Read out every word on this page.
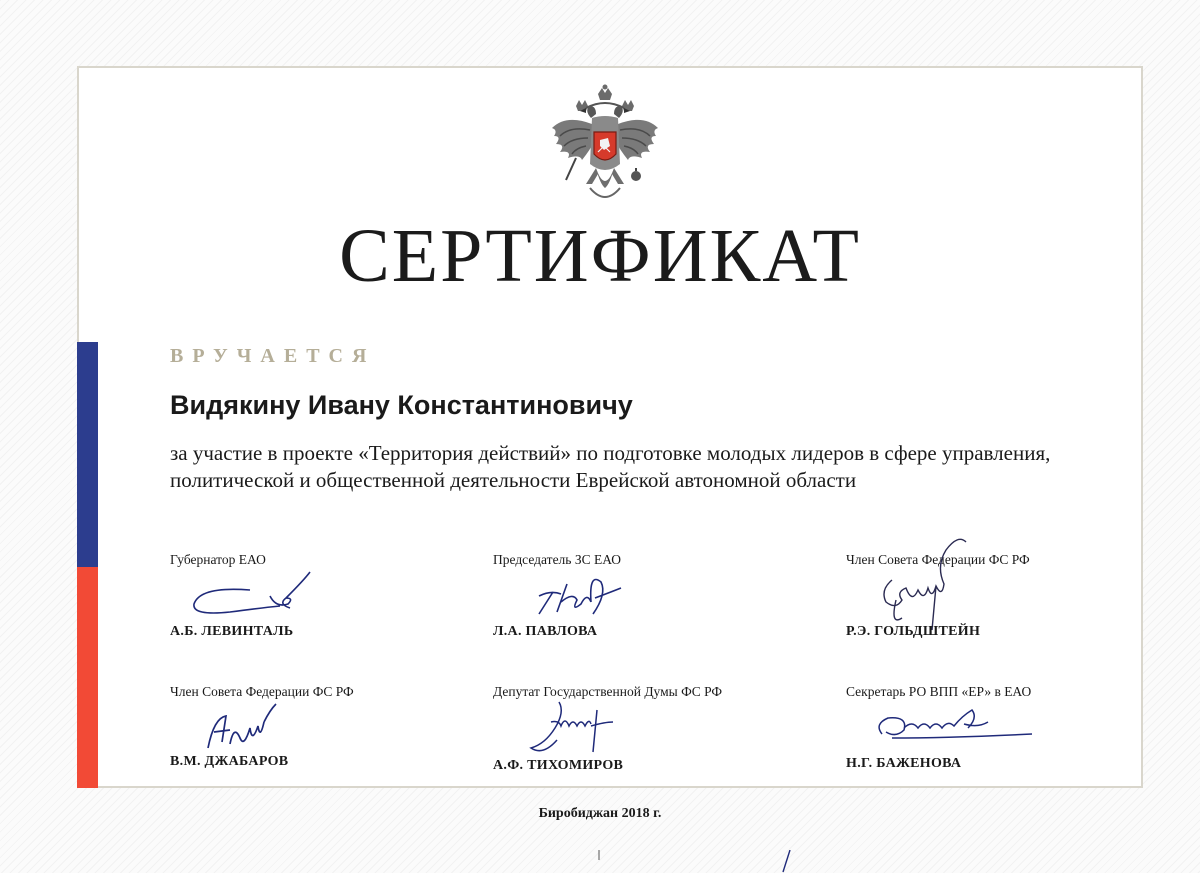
СЕРТИФИКАТ
ВРУЧАЕТСЯ
Видякину Ивану Константиновичу
за участие в проекте «Территория действий» по подготовке молодых лидеров в сфере управления,
политической и общественной деятельности Еврейской автономной области
Губернатор ЕАО
А.Б. ЛЕВИНТАЛЬ
Председатель ЗС ЕАО
Л.А. ПАВЛОВА
Член Совета Федерации ФС РФ
Р.Э. ГОЛЬДШТЕЙН
Член Совета Федерации ФС РФ
В.М. ДЖАБАРОВ
Депутат Государственной Думы ФС РФ
А.Ф. ТИХОМИРОВ
Секретарь РО ВПП «ЕР» в ЕАО
Н.Г. БАЖЕНОВА
Биробиджан 2018 г.
